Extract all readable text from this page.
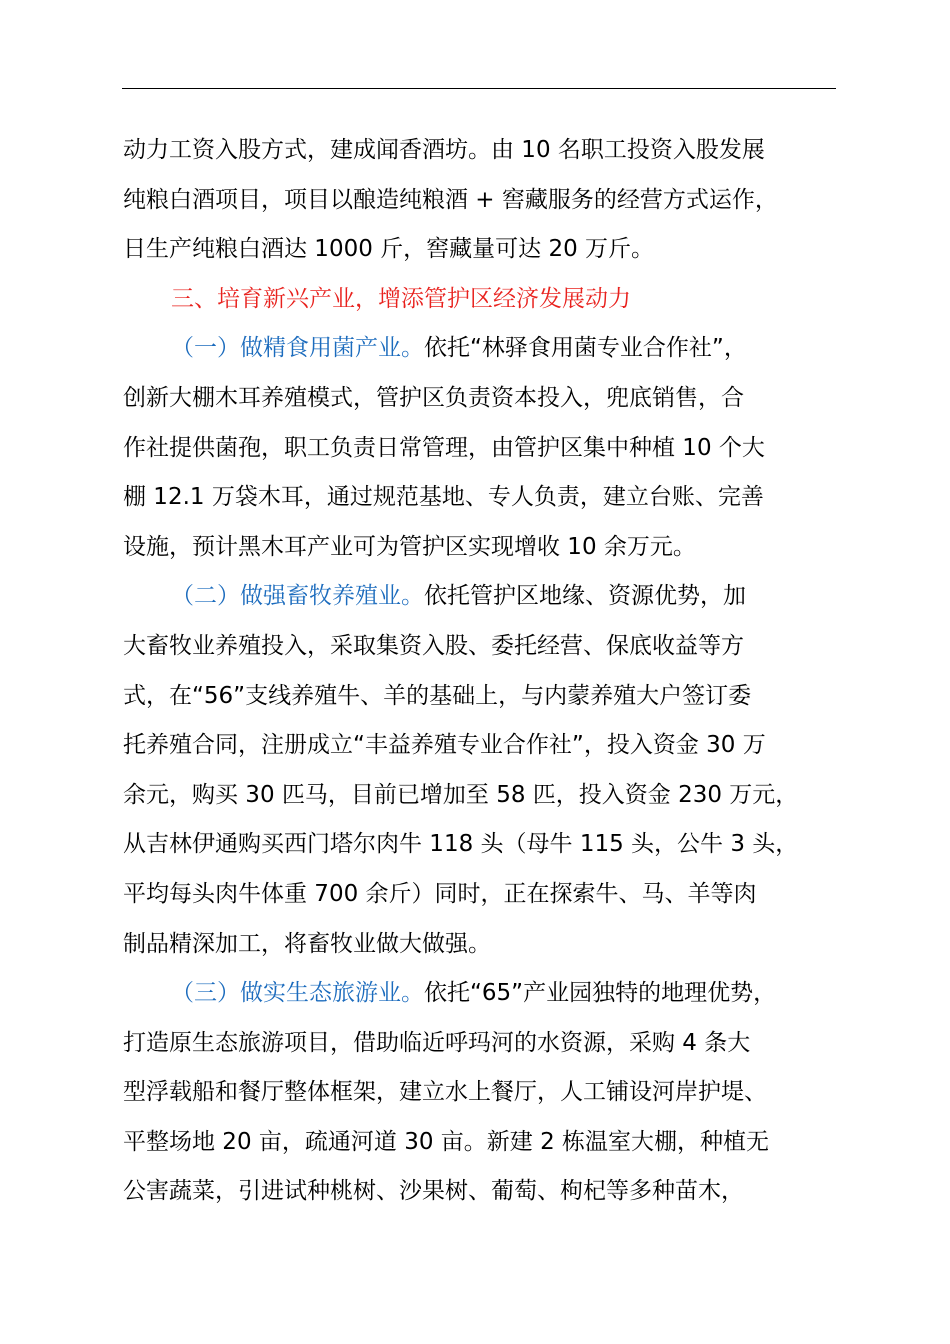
动力工资入股方式，建成闻香酒坊。由 10 名职工投资入股发展
纯粮白酒项目，项目以酿造纯粮酒 + 窖藏服务的经营方式运作，
日生产纯粮白酒达 1000 斤，窖藏量可达 20 万斤。
三、培育新兴产业，增添管护区经济发展动力
（一）做精食用菌产业。依托“林驿食用菌专业合作社”，
创新大棚木耳养殖模式，管护区负责资本投入，兜底销售，合
作社提供菌孢，职工负责日常管理，由管护区集中种植 10 个大
棚 12.1 万袋木耳，通过规范基地、专人负责，建立台账、完善
设施，预计黑木耳产业可为管护区实现增收 10 余万元。
（二）做强畜牧养殖业。依托管护区地缘、资源优势，加
大畜牧业养殖投入，采取集资入股、委托经营、保底收益等方
式，在“56”支线养殖牛、羊的基础上，与内蒙养殖大户签订委
托养殖合同，注册成立“丰益养殖专业合作社”，投入资金 30 万
余元，购买 30 匹马，目前已增加至 58 匹，投入资金 230 万元，
从吉林伊通购买西门塔尔肉牛 118 头（母牛 115 头，公牛 3 头，
平均每头肉牛体重 700 余斤）同时，正在探索牛、马、羊等肉
制品精深加工，将畜牧业做大做强。
（三）做实生态旅游业。依托“65”产业园独特的地理优势，
打造原生态旅游项目，借助临近呼玛河的水资源，采购 4 条大
型浮载船和餐厅整体框架，建立水上餐厅，人工铺设河岸护堤、
平整场地 20 亩，疏通河道 30 亩。新建 2 栋温室大棚，种植无
公害蔬菜，引进试种桃树、沙果树、葡萄、枸杞等多种苗木，
